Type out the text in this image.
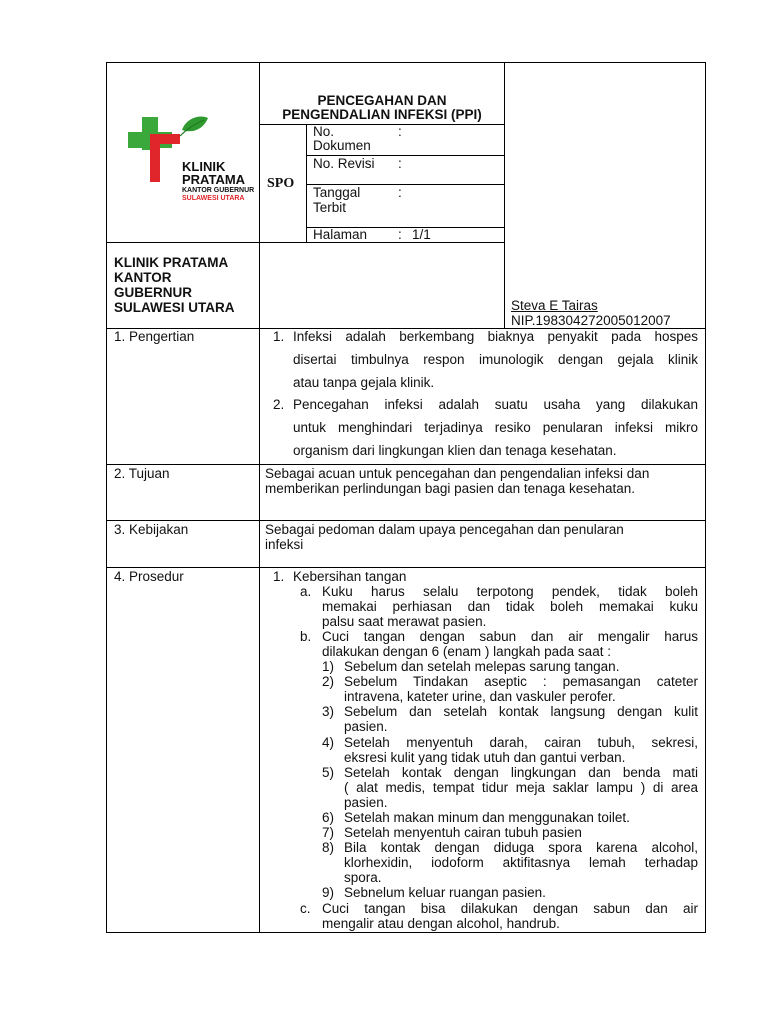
KLINIK
PRATAMA
KANTOR GUBERNUR
SULAWESI UTARA
PENCEGAHAN DAN
PENGENDALIAN INFEKSI (PPI)
SPO
No.
Dokumen
:
No. Revisi :
Tanggal
Terbit
:
Halaman : 1/1
KLINIK PRATAMA
KANTOR
GUBERNUR
SULAWESI UTARA	Steva E Tairas
NIP.198304272005012007
1. Pengertian	1. Infeksi adalah berkembang biaknya penyakit pada hospes
disertai timbulnya respon imunologik dengan gejala klinik
atau tanpa gejala klinik.
2. Pencegahan infeksi adalah suatu usaha yang dilakukan
untuk menghindari terjadinya resiko penularan infeksi mikro
organism dari lingkungan klien dan tenaga kesehatan.
2. Tujuan	Sebagai acuan untuk pencegahan dan pengendalian infeksi dan
memberikan perlindungan bagi pasien dan tenaga kesehatan.
3. Kebijakan	Sebagai pedoman dalam upaya pencegahan dan penularan
infeksi
4. Prosedur	1. Kebersihan tangan
a. Kuku harus selalu terpotong pendek, tidak boleh
memakai perhiasan dan tidak boleh memakai kuku
palsu saat merawat pasien.
b. Cuci tangan dengan sabun dan air mengalir harus
dilakukan dengan 6 (enam ) langkah pada saat :
1) Sebelum dan setelah melepas sarung tangan.
2) Sebelum Tindakan aseptic : pemasangan cateter
intravena, kateter urine, dan vaskuler perofer.
3) Sebelum dan setelah kontak langsung dengan kulit
pasien.
4) Setelah menyentuh darah, cairan tubuh, sekresi,
eksresi kulit yang tidak utuh dan gantui verban.
5) Setelah kontak dengan lingkungan dan benda mati
( alat medis, tempat tidur meja saklar lampu ) di area
pasien.
6) Setelah makan minum dan menggunakan toilet.
7) Setelah menyentuh cairan tubuh pasien
8) Bila kontak dengan diduga spora karena alcohol,
klorhexidin, iodoform aktifitasnya lemah terhadap
spora.
9) Sebnelum keluar ruangan pasien.
c. Cuci tangan bisa dilakukan dengan sabun dan air
mengalir atau dengan alcohol, handrub.
